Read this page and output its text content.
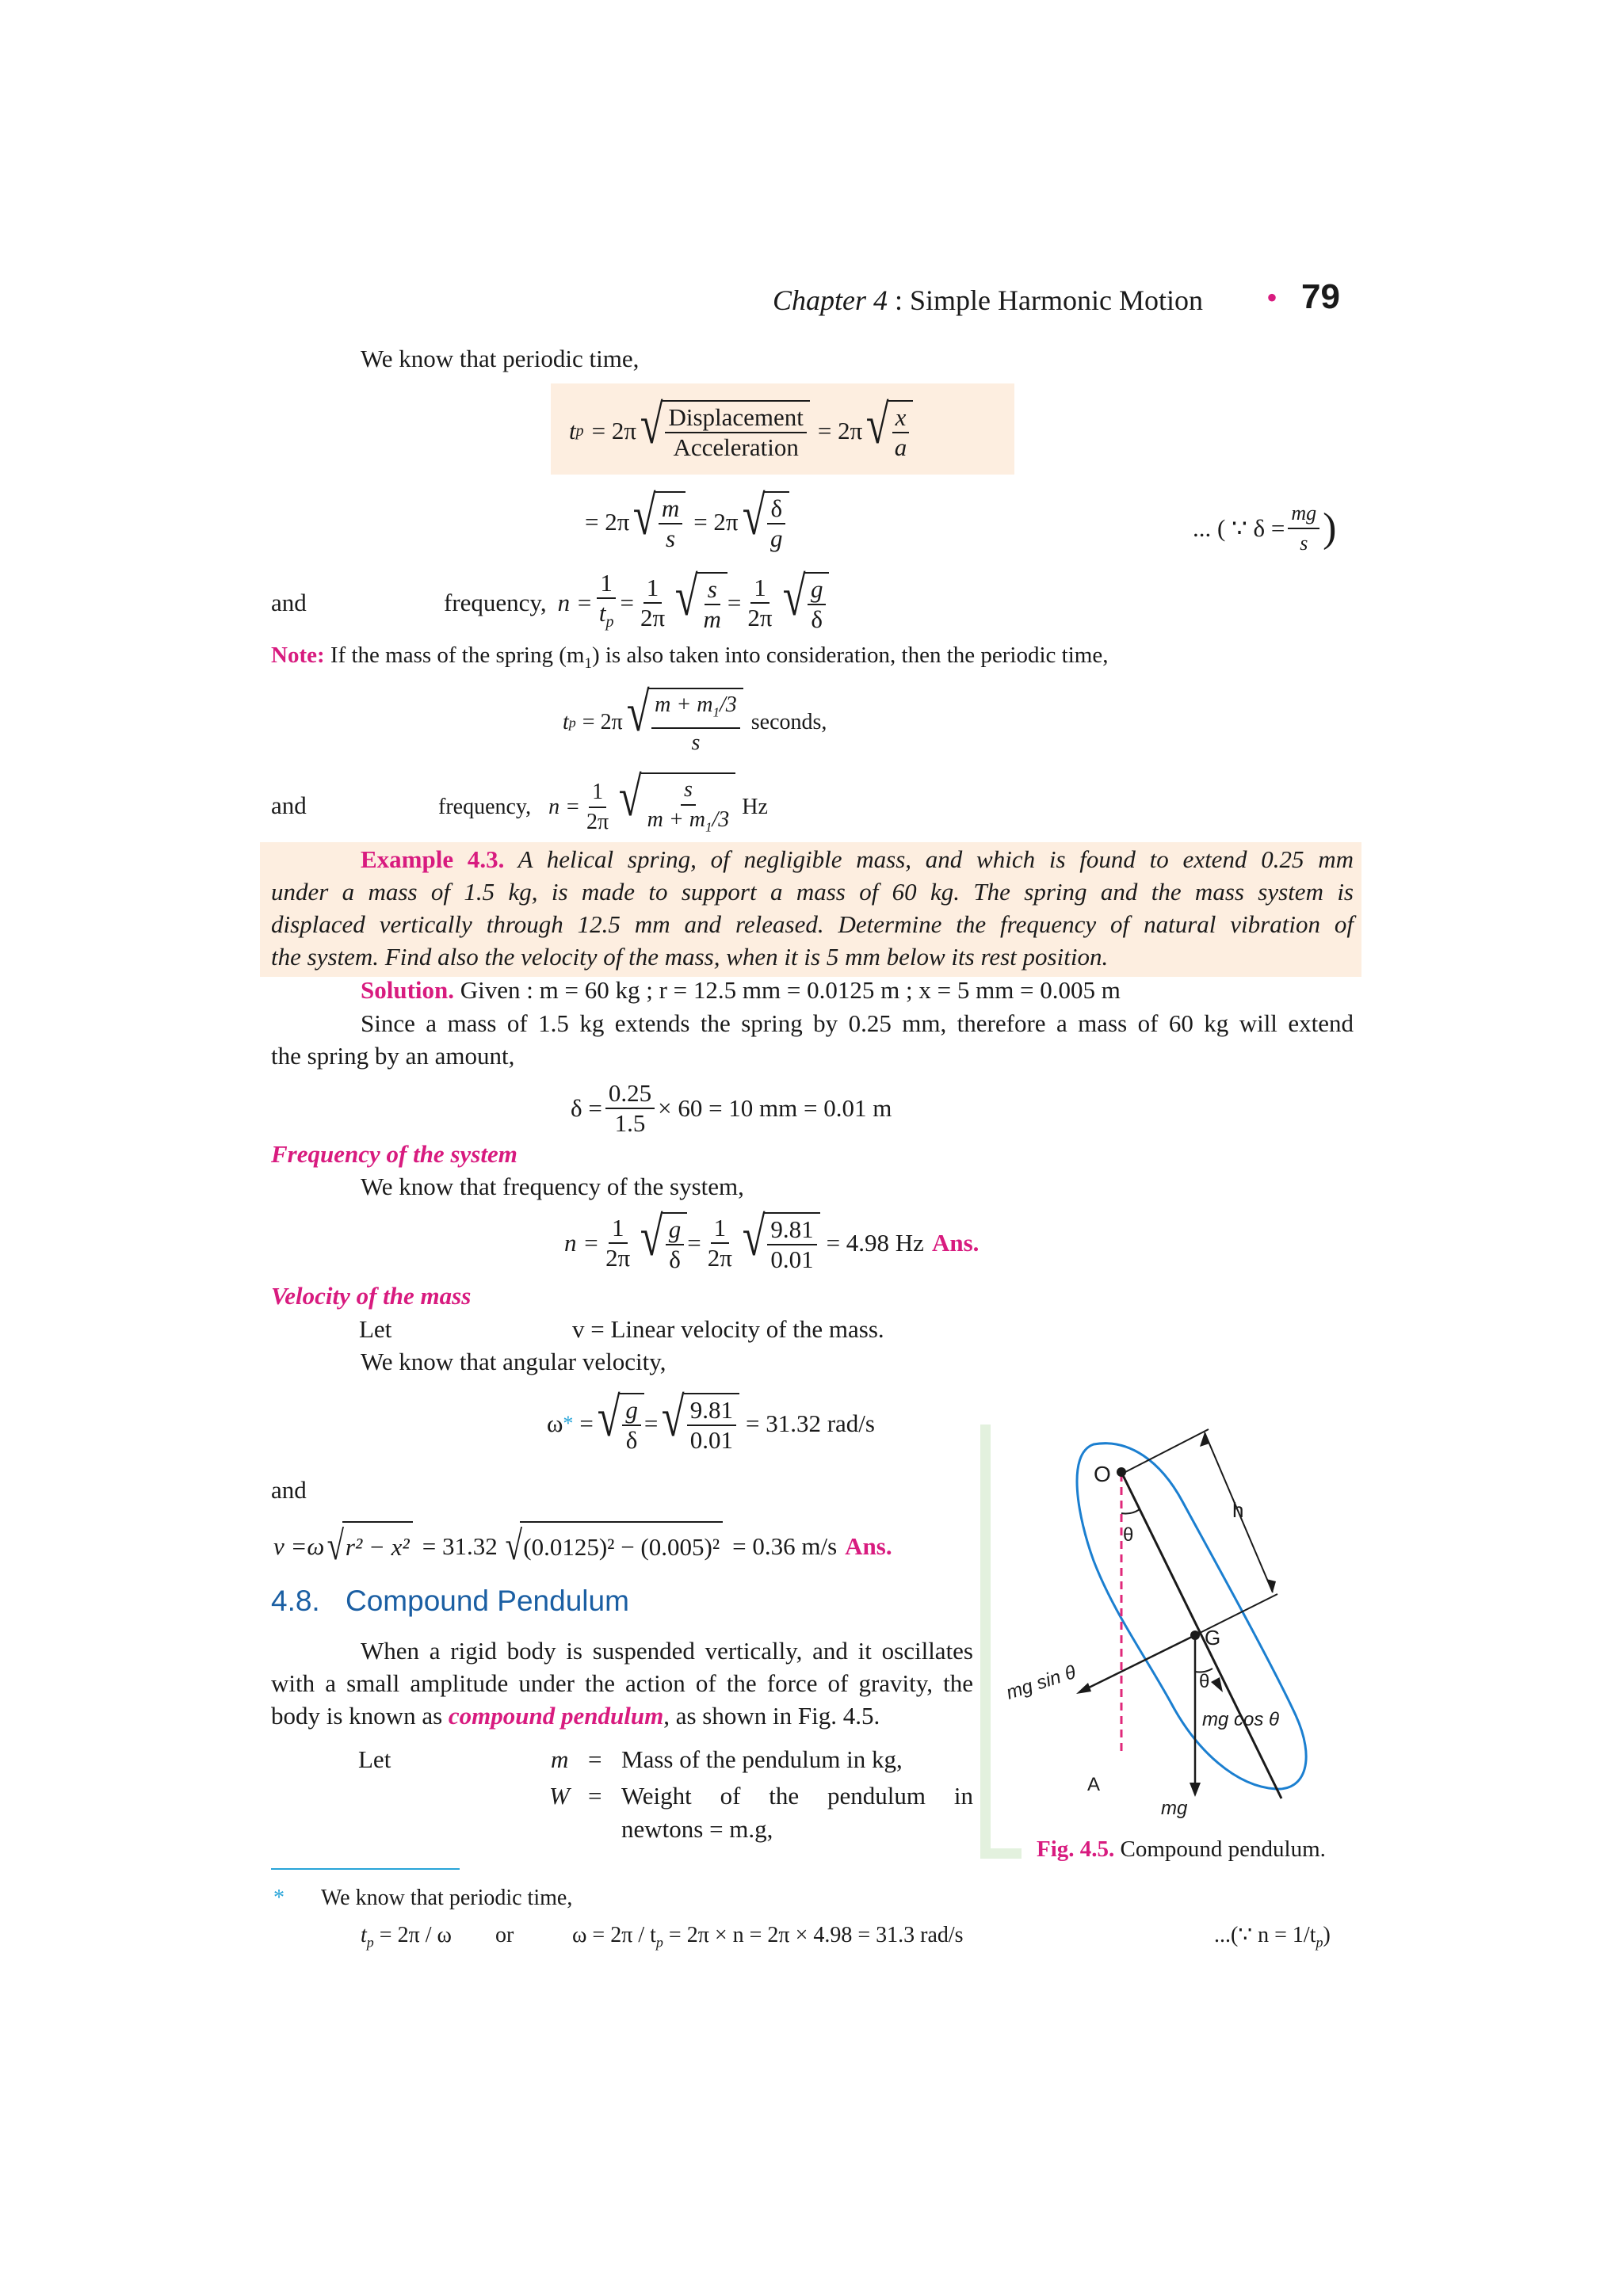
Chapter 4 : Simple Harmonic Motion • 79
We know that periodic time,
t p = 2π √ $\frac{\text{Displacement}}{\text{Acceleration}} = 2\pi$ √ $\frac{x}{a}$
= 2π √ $\frac{m}{s} = 2\pi$ √ $\frac{\delta}{g}$	... ( ∵ $\delta = \frac{mg}{s}$ )
and	frequency, $n = \frac{1}{t_p} = \frac{1}{2\pi}$ √ $\frac{s}{m} = \frac{1}{2\pi}$ √ $\frac{g}{\delta}$
Note: If the mass of the spring $(m_1)$ is also taken into consideration, then the periodic time,
t p = 2π √ $\frac{m + m_1/3}{s}$ seconds,
and	frequency, $n = \frac{1}{2\pi}$ √ $\frac{s}{m + m_1/3}$ Hz
Example 4.3. A helical spring, of negligible mass, and which is found to extend 0.25 mm
under a mass of 1.5 kg, is made to support a mass of 60 kg. The spring and the mass system is
displaced vertically through 12.5 mm and released. Determine the frequency of natural vibration of
the system. Find also the velocity of the mass, when it is 5 mm below its rest position.
Solution. Given : m = 60 kg ; r = 12.5 mm = 0.0125 m ; x = 5 mm = 0.005 m
Since a mass of 1.5 kg extends the spring by 0.25 mm, therefore a mass of 60 kg will extend
the spring by an amount,
$\delta = \frac{0.25}{1.5} \times 60 = 10$ mm = 0.01 m
Frequency of the system
We know that frequency of the system,
$n = \frac{1}{2\pi}$ √ $\frac{g}{\delta} = \frac{1}{2\pi}$ √ $\frac{9.81}{0.01} = 4.98$ Hz Ans.
Velocity of the mass
Let	v = Linear velocity of the mass.
We know that angular velocity,
ω * = √ $\frac{g}{\delta}$ = √ $\frac{9.81}{0.01} = 31.32$ rad/s
and
v =ω √ r² − x² = 31.32 √ (0.0125)² − (0.005)² = 0.36 m/s Ans.
4.8. Compound Pendulum
When a rigid body is suspended vertically, and it oscillates
with a small amplitude under the action of the force of gravity, the
body is known as compound pendulum, as shown in Fig. 4.5.
Let	m = Mass of the pendulum in kg,
W = Weight of the pendulum in
newtons = m.g,
O
h
θ
G
θ
mg sin θ
mg cos θ
A
mg
Fig. 4.5. Compound pendulum.
* We know that periodic time,
$t_p = 2\pi / \omega$ or	$\omega = 2\pi / t_p = 2\pi \times n = 2\pi \times 4.98 = 31.3$ rad/s	...(∵ $n = 1/t_p$)
